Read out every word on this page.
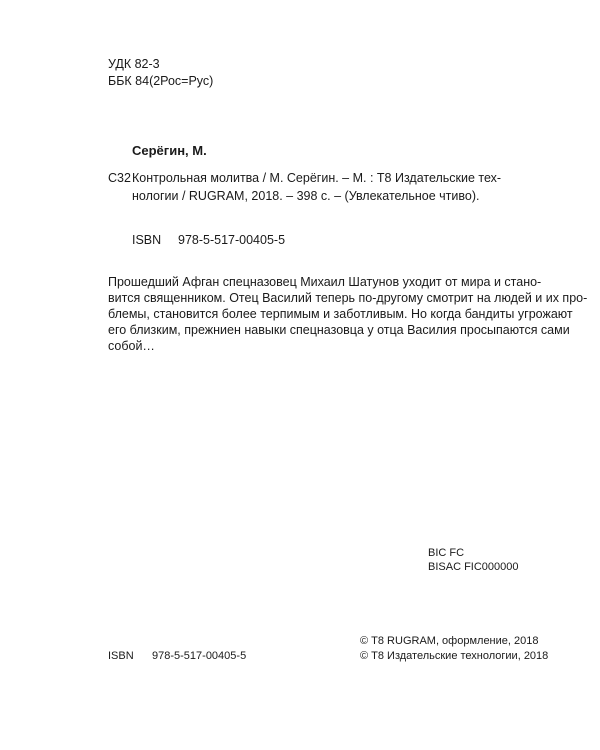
УДК 82-3
ББК 84(2Рос=Рус)
Серёгин, М.
С32 Контрольная молитва / М. Серёгин. – М. : Т8 Издательские тех-
нологии / RUGRAM, 2018. – 398 с. – (Увлекательное чтиво).
ISBN 978-5-517-00405-5
Прошедший Афган спецназовец Михаил Шатунов уходит от мира и стано-
вится священником. Отец Василий теперь по-другому смотрит на людей и их про-
блемы, становится более терпимым и заботливым. Но когда бандиты угрожают
его близким, прежниен навыки спецназовца у отца Василия просыпаются сами
собой…
BIC FC
BISAC FIC000000
© Т8 RUGRAM, оформление, 2018
© Т8 Издательские технологии, 2018
ISBN 978-5-517-00405-5
